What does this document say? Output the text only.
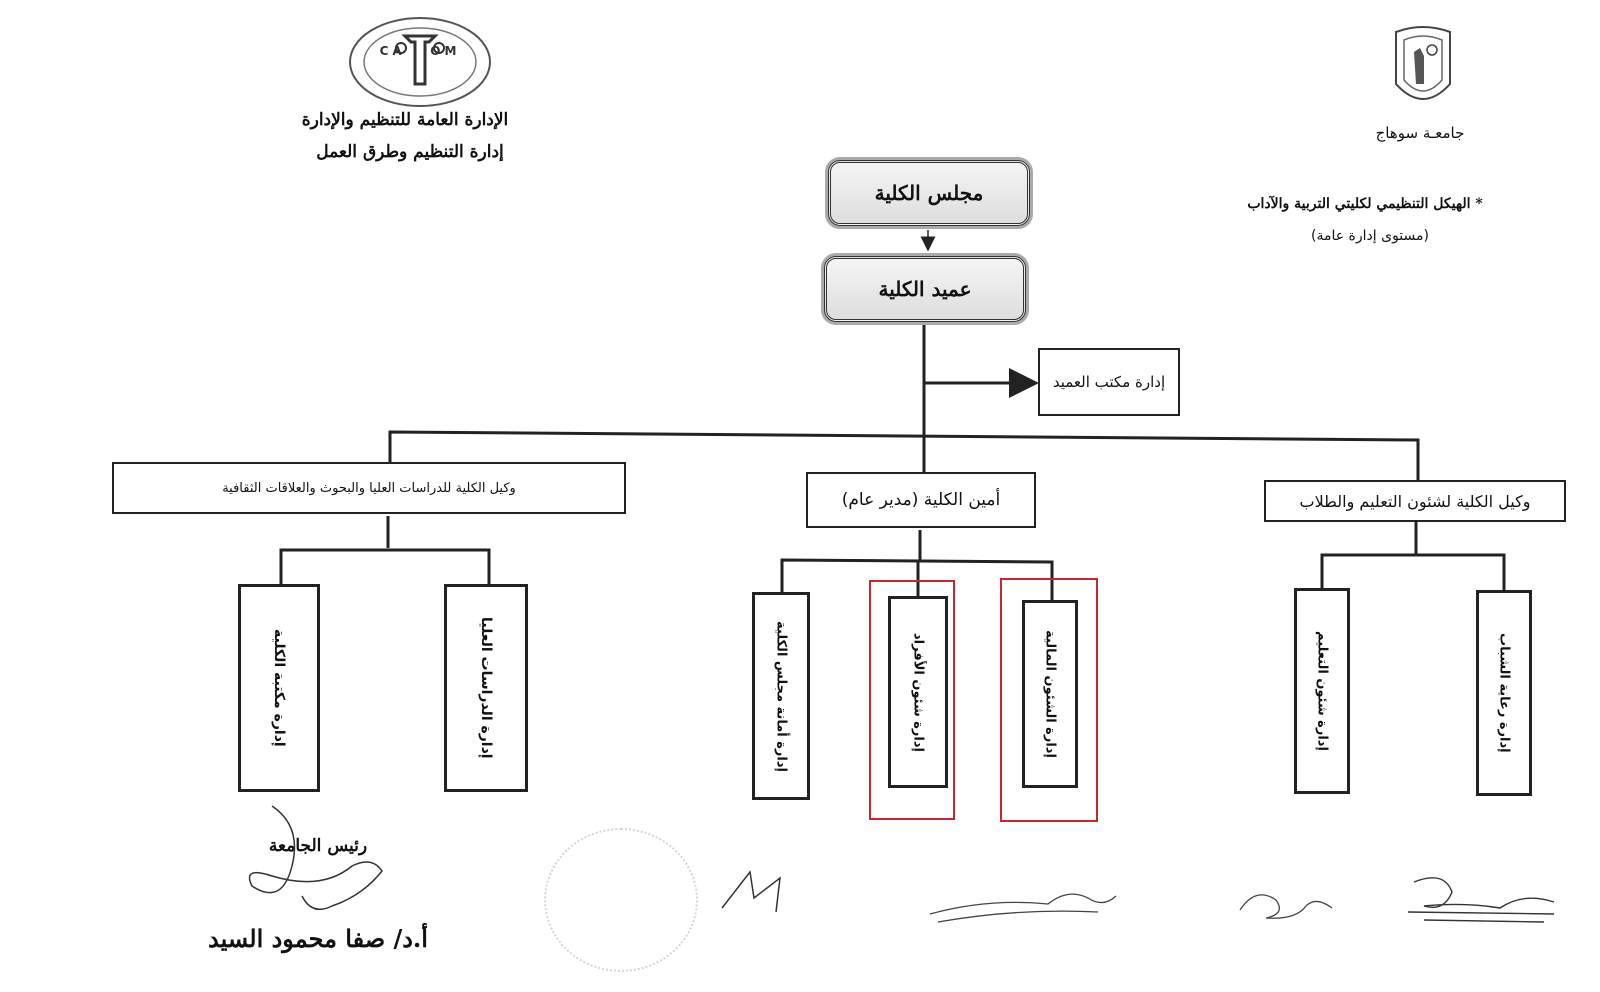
CA   OM
الإدارة العامة للتنظيم والإدارة
إدارة التنظيم وطرق العمل
جامعـة سوهاج
* الهيكل التنظيمي لكليتي التربية والآداب
(مستوى إدارة عامة)
مجلس الكلية
عميد الكلية
إدارة مكتب العميد
وكيل الكلية للدراسات العليا والبحوث والعلاقات الثقافية
أمين الكلية (مدير عام)	وكيل الكلية لشئون التعليم والطلاب
إدارة مكتبة الكلية	إدارة الدراسات العليا	إدارة أمانة مجلس الكلية	إدارة شئون الأفراد	إدارة الشئون المالية	إدارة شئون التعليم	إدارة رعاية الشباب
رئيس الجامعة
أ.د/ صفا محمود السيد
